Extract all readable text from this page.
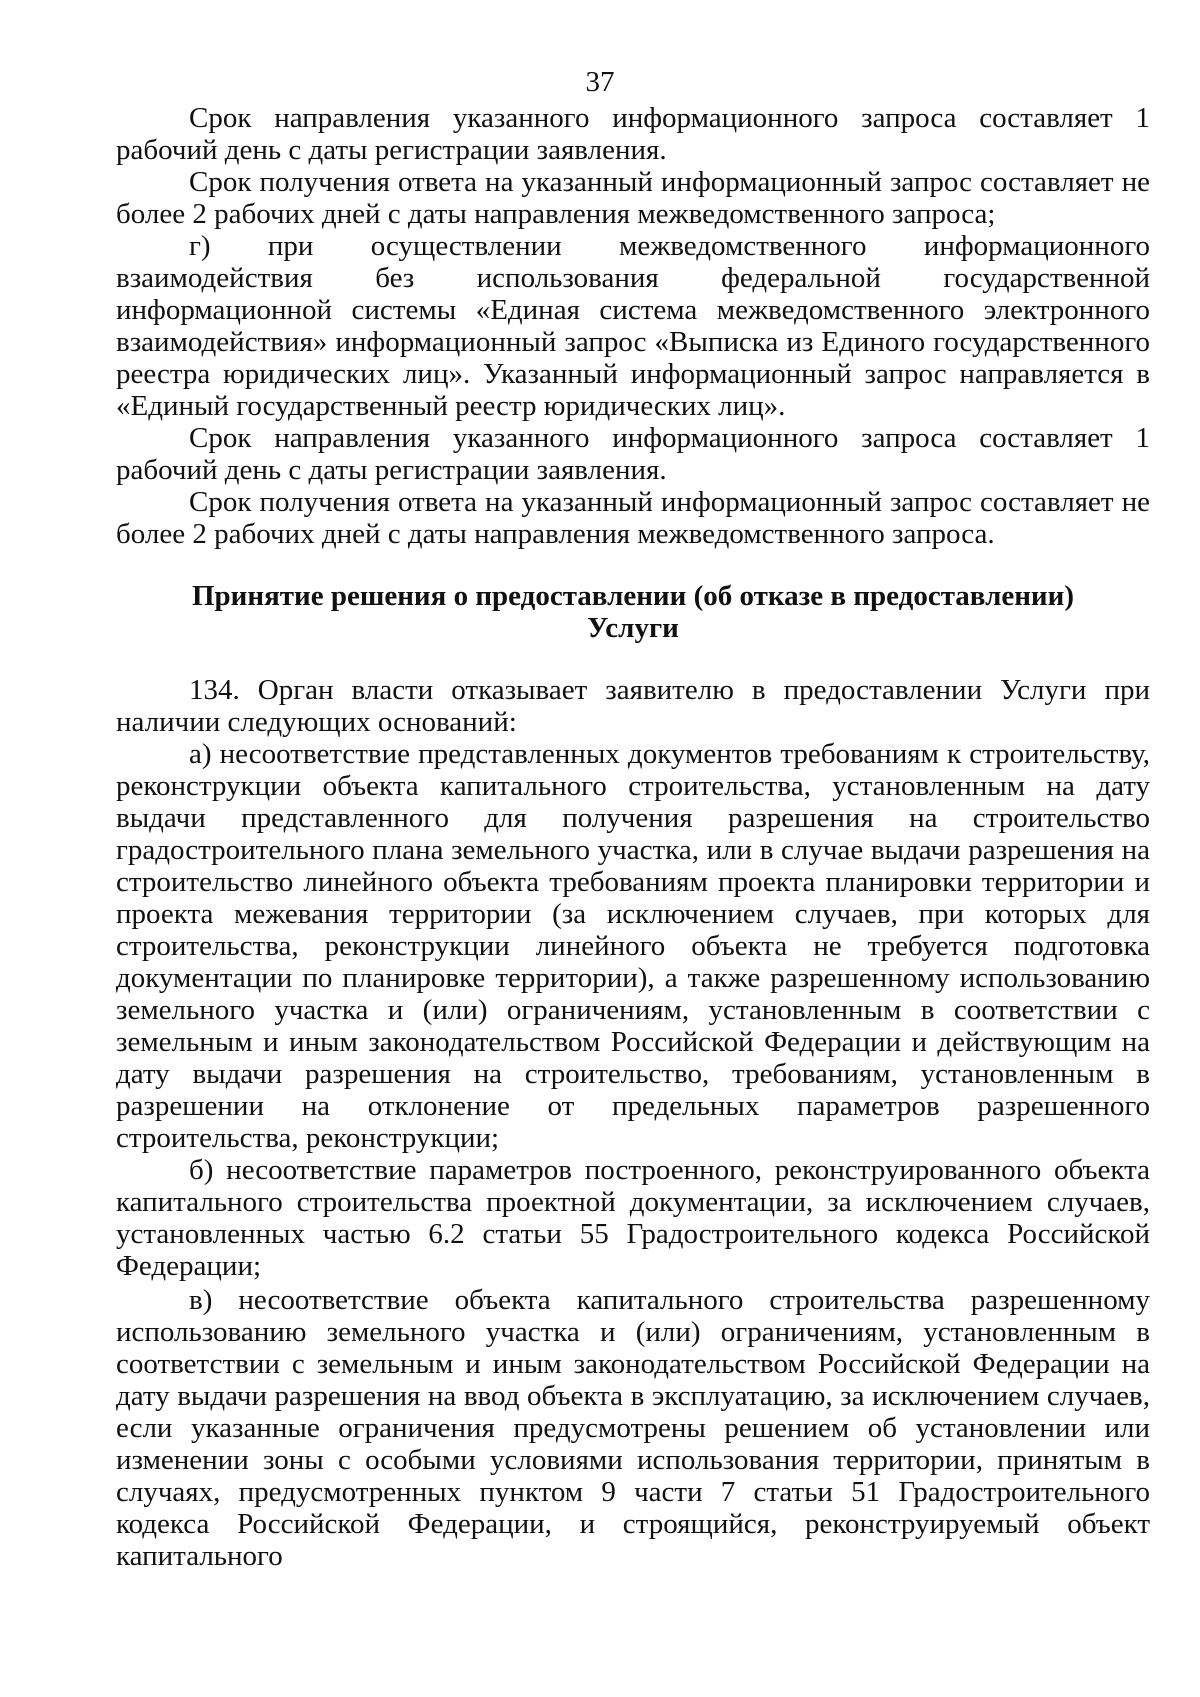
37

Срок направления указанного информационного запроса составляет 1 рабочий день с даты регистрации заявления.

Срок получения ответа на указанный информационный запрос составляет не более 2 рабочих дней с даты направления межведомственного запроса;

г) при осуществлении межведомственного информационного взаимодействия без использования федеральной государственной информационной системы «Единая система межведомственного электронного взаимодействия» информационный запрос «Выписка из Единого государственного реестра юридических лиц». Указанный информационный запрос направляется в «Единый государственный реестр юридических лиц».

Срок направления указанного информационного запроса составляет 1 рабочий день с даты регистрации заявления.

Срок получения ответа на указанный информационный запрос составляет не более 2 рабочих дней с даты направления межведомственного запроса.

Принятие решения о предоставлении (об отказе в предоставлении)

Услуги

134. Орган власти отказывает заявителю в предоставлении Услуги при наличии следующих оснований:

а) несоответствие представленных документов требованиям к строительству, реконструкции объекта капитального строительства, установленным на дату выдачи представленного для получения разрешения на строительство градостроительного плана земельного участка, или в случае выдачи разрешения на строительство линейного объекта требованиям проекта планировки территории и проекта межевания территории (за исключением случаев, при которых для строительства, реконструкции линейного объекта не требуется подготовка документации по планировке территории), а также разрешенному использованию земельного участка и (или) ограничениям, установленным в соответствии с земельным и иным законодательством Российской Федерации и действующим на дату выдачи разрешения на строительство, требованиям, установленным в разрешении на отклонение от предельных параметров разрешенного строительства, реконструкции;

б) несоответствие параметров построенного, реконструированного объекта капитального строительства проектной документации, за исключением случаев, установленных частью 6.2 статьи 55 Градостроительного кодекса Российской Федерации;

в) несоответствие объекта капитального строительства разрешенному использованию земельного участка и (или) ограничениям, установленным в соответствии с земельным и иным законодательством Российской Федерации на дату выдачи разрешения на ввод объекта в эксплуатацию, за исключением случаев, если указанные ограничения предусмотрены решением об установлении или изменении зоны с особыми условиями использования территории, принятым в случаях, предусмотренных пунктом 9 части 7 статьи 51 Градостроительного кодекса Российской Федерации, и строящийся, реконструируемый объект капитального
